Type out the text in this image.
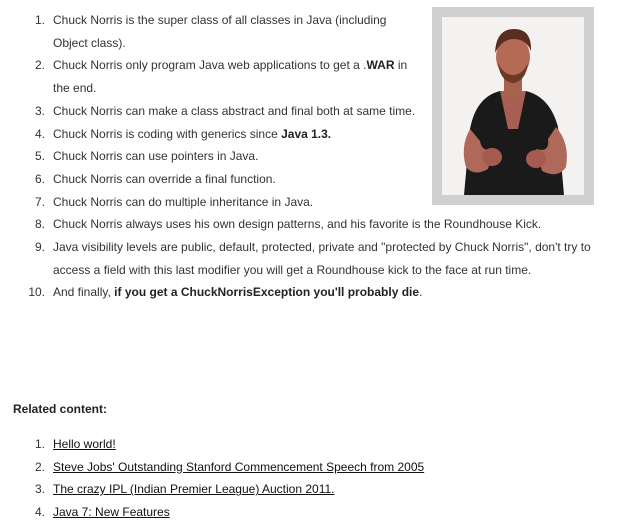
1. Chuck Norris is the super class of all classes in Java (including Object class).
2. Chuck Norris only program Java web applications to get a .WAR in the end.
3. Chuck Norris can make a class abstract and final both at same time.
4. Chuck Norris is coding with generics since Java 1.3.
5. Chuck Norris can use pointers in Java.
6. Chuck Norris can override a final function.
7. Chuck Norris can do multiple inheritance in Java.
8. Chuck Norris always uses his own design patterns, and his favorite is the Roundhouse Kick.
9. Java visibility levels are public, default, protected, private and "protected by Chuck Norris", don't try to access a field with this last modifier you will get a Roundhouse kick to the face at run time.
10. And finally, if you get a ChuckNorrisException you'll probably die.
Related content:
1. Hello world!
2. Steve Jobs' Outstanding Stanford Commencement Speech from 2005
3. The crazy IPL (Indian Premier League) Auction 2011.
4. Java 7: New Features
